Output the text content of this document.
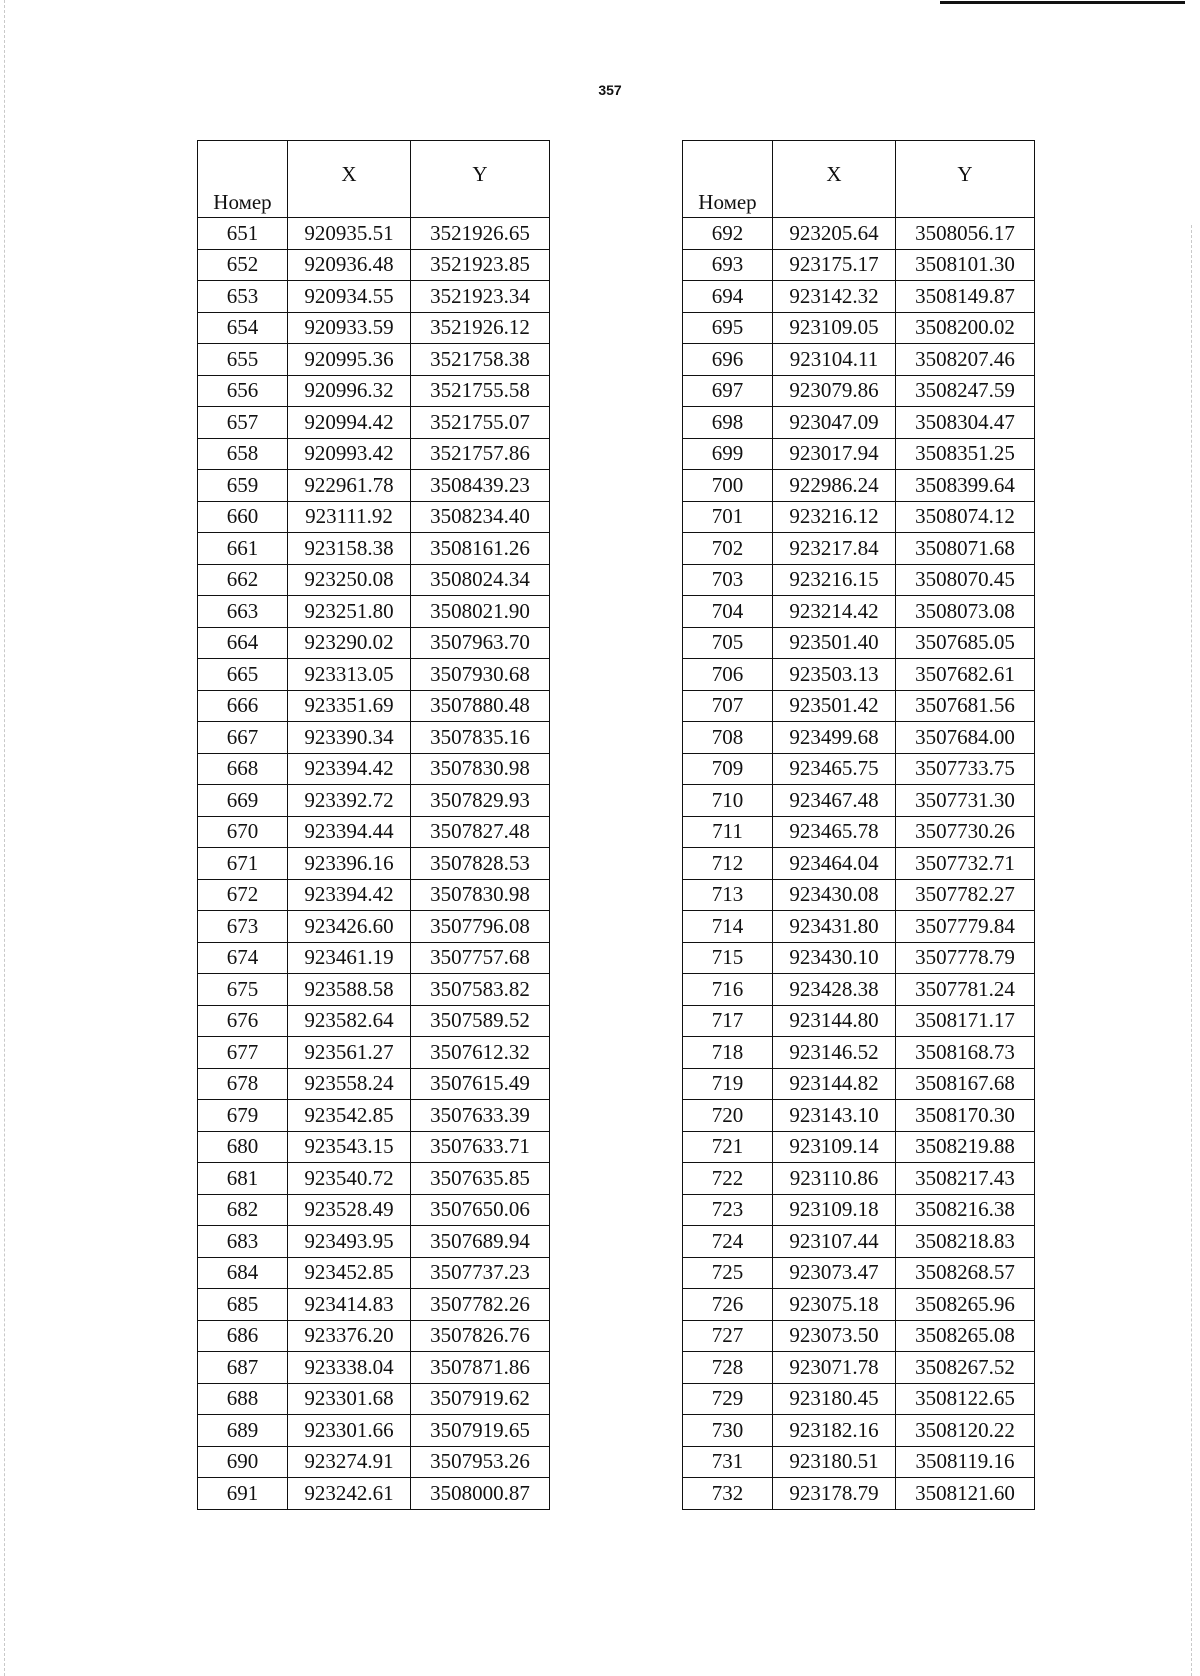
357
Номер	X	Y
651	920935.51	3521926.65
652	920936.48	3521923.85
653	920934.55	3521923.34
654	920933.59	3521926.12
655	920995.36	3521758.38
656	920996.32	3521755.58
657	920994.42	3521755.07
658	920993.42	3521757.86
659	922961.78	3508439.23
660	923111.92	3508234.40
661	923158.38	3508161.26
662	923250.08	3508024.34
663	923251.80	3508021.90
664	923290.02	3507963.70
665	923313.05	3507930.68
666	923351.69	3507880.48
667	923390.34	3507835.16
668	923394.42	3507830.98
669	923392.72	3507829.93
670	923394.44	3507827.48
671	923396.16	3507828.53
672	923394.42	3507830.98
673	923426.60	3507796.08
674	923461.19	3507757.68
675	923588.58	3507583.82
676	923582.64	3507589.52
677	923561.27	3507612.32
678	923558.24	3507615.49
679	923542.85	3507633.39
680	923543.15	3507633.71
681	923540.72	3507635.85
682	923528.49	3507650.06
683	923493.95	3507689.94
684	923452.85	3507737.23
685	923414.83	3507782.26
686	923376.20	3507826.76
687	923338.04	3507871.86
688	923301.68	3507919.62
689	923301.66	3507919.65
690	923274.91	3507953.26
691	923242.61	3508000.87
Номер	X	Y
692	923205.64	3508056.17
693	923175.17	3508101.30
694	923142.32	3508149.87
695	923109.05	3508200.02
696	923104.11	3508207.46
697	923079.86	3508247.59
698	923047.09	3508304.47
699	923017.94	3508351.25
700	922986.24	3508399.64
701	923216.12	3508074.12
702	923217.84	3508071.68
703	923216.15	3508070.45
704	923214.42	3508073.08
705	923501.40	3507685.05
706	923503.13	3507682.61
707	923501.42	3507681.56
708	923499.68	3507684.00
709	923465.75	3507733.75
710	923467.48	3507731.30
711	923465.78	3507730.26
712	923464.04	3507732.71
713	923430.08	3507782.27
714	923431.80	3507779.84
715	923430.10	3507778.79
716	923428.38	3507781.24
717	923144.80	3508171.17
718	923146.52	3508168.73
719	923144.82	3508167.68
720	923143.10	3508170.30
721	923109.14	3508219.88
722	923110.86	3508217.43
723	923109.18	3508216.38
724	923107.44	3508218.83
725	923073.47	3508268.57
726	923075.18	3508265.96
727	923073.50	3508265.08
728	923071.78	3508267.52
729	923180.45	3508122.65
730	923182.16	3508120.22
731	923180.51	3508119.16
732	923178.79	3508121.60
